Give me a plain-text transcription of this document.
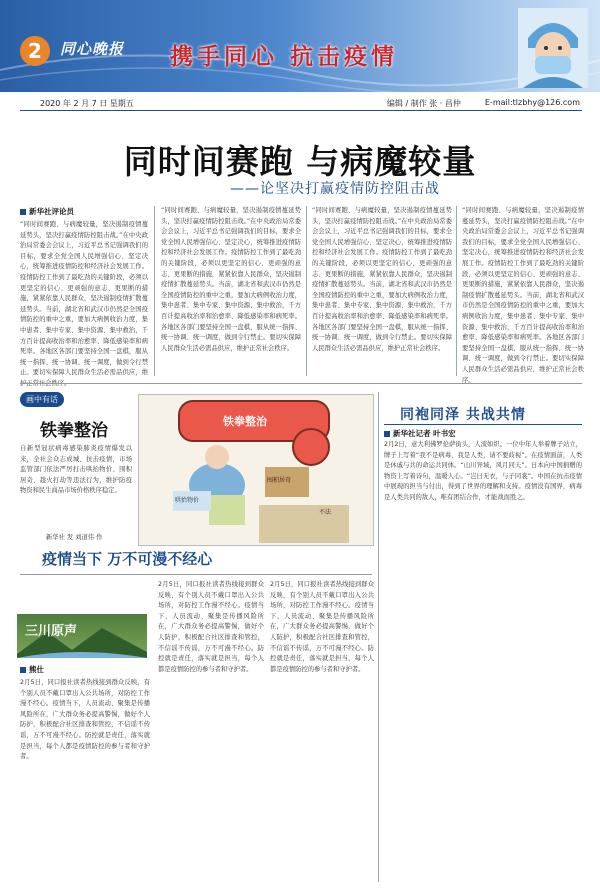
2	同心晚报 携手同心 抗击疫情
2020 年 2 月 7 日 星期五	编辑 / 制作 张 · 昌仲	E-mail:tlzbhy@126.com
同时间赛跑 与病魔较量
——论坚决打赢疫情防控阻击战
新华社评论员
“同时间赛跑、与病魔较量，坚决遏制疫情蔓延势头，坚决打赢疫情防控阻击战。”在中央政治局常委会会议上，习近平总书记强调我们的目标，要求全党全国人民增强信心、坚定决心，统筹推进疫情防控和经济社会发展工作。疫情防控工作到了最吃劲的关键阶段，必须以更坚定的信心、更顽强的意志、更果断的措施，紧紧依靠人民群众，坚决遏制疫情扩散蔓延势头。当前，湖北省和武汉市仍然是全国疫情防控的重中之重，要加大病例收治力度，集中患者、集中专家、集中资源、集中救治，千方百计提高收治率和治愈率、降低感染率和病死率。各地区各部门要坚持全国一盘棋，服从统一指挥、统一协调、统一调度，做到令行禁止。要切实保障人民群众生活必需品供应，维
“同时间赛跑、与病魔较量，坚决遏制疫情蔓延势头，坚决打赢疫情防控阻击战。”在中央政治局常委会会议上，习近平总书记强调我们的目标，要求全党全国人民增强信心、坚定决心，统筹推进疫情防控和经济社会发展工作。疫情防控工作到了最吃劲的关键阶段，必须以更坚定的信心、更顽强的意志、更果断的措施，紧紧依靠人民群众，坚决遏制疫情扩散蔓延势头。当前，湖北省和武汉市仍然是全国疫情防控的重中之重，要加大病例收治力度，集中患者、集中专家、集中资源、集中救治，千方百计提高收治率和治愈率、降低感染率和病死率。各地区各部门要坚持全国一盘棋，服从统一指挥、统一协调、统一调度，做到令行禁止。要切实保障人民群众生活必需品供应，维护正常社会秩序。
“同时间赛跑、与病魔较量，坚决遏制疫情蔓延势头，坚决打赢疫情防控阻击战。”在中央政治局常委会会议上，习近平总书记强调我们的目标，要求全党全国人民增强信心、坚定决心，统筹推进疫情防控和经济社会发展工作。疫情防控工作到了最吃劲的关键阶段，必须以更坚定的信心、更顽强的意志、更果断的措施，紧紧依靠人民群众，坚决遏制疫情扩散蔓延势头。当前，湖北省和武汉市仍然是全国疫情防控的重中之重，要加大病例收治力度，集中患者、集中专家、集中资源、集中救治，千方百计提高收治率和治愈率、降低感染率和病死率。各地区各部门要坚持全国一盘棋，服从统一指挥、统一协调、统一调度，做到令行禁止。要切实保障人民群众生活必需品供应，维护正常社会秩序。
“同时间赛跑、与病魔较量，坚决遏制疫情蔓延势头，坚决打赢疫情防控阻击战。”在中央政治局常委会会议上，习近平总书记强调我们的目标，要求全党全国人民增强信心、坚定决心，统筹推进疫情防控和经济社会发展工作。疫情防控工作到了最吃劲的关键阶段，必须以更坚定的信心、更顽强的意志、更果断的措施，紧紧依靠人民群众，坚决遏制疫情扩散蔓延势头。当前，湖北省和武汉市仍然是全国疫情防控的重中之重，要加大病例收治力度，集中患者、集中专家、集中资源、集中救治，千方百计提高收治率和治愈率、降低感染率和病死率。各地区各部门要坚持全国一盘棋，服从统一指挥、统一协调、统一调度，做到令行禁止。要切实保障人民群众生活必需品供应，维护正常社会秩序。
画中有话
铁拳整治
自新型冠状病毒感染肺炎疫情爆发以来，全社会众志成城、抗击疫情，市场监管部门依法严厉打击哄抬物价、囤积居奇、趁火打劫等违法行为，维护防疫物资和民生商品市场价格秩序稳定。
新华社 发 刘道伟 作
铁拳整治
哄抬物价
囤积居奇
不法
同袍同泽 共战共情
新华社记者 叶书宏
2月2日，意大利佛罗伦萨街头，人流如织。一位中年人举着牌子站立，牌子上写着“我不是病毒，我是人类，请不要歧视”。在疫情面前，人类是休戚与共的命运共同体。“山川异域，风月同天”。日本向中国捐赠的物资上写着诗句，温暖人心。“岂曰无衣，与子同裳”。中国在抗击疫情中展现的担当与付出，得到了世界的理解和支持。疫情没有国界，病毒是人类共同的敌人，唯有团结合作，才能战而胜之。
疫情当下 万不可漫不经心
三川原声
熊仕
2月5日，同口报社读者热线接到群众反映，有个别人员不戴口罩出入公共场所，对防控工作漫不经心。疫情当下，人员流动、聚集是传播风险所在，广大群众务必提高警惕，做好个人防护，积极配合社区排查和管控，不信谣不传谣，万不可漫不经心。防控就是责任，落实就是担当，每个人都是疫情防控的参与者和守护者。
2月5日，同口报社读者热线接到群众反映，有个别人员不戴口罩出入公共场所，对防控工作漫不经心。疫情当下，人员流动、聚集是传播风险所在，广大群众务必提高警惕，做好个人防护，积极配合社区排查和管控，不信谣不传谣，万不可漫不经心。防控就是责任，落实就是担当，每个人都是疫情防控的参与者和守护者。
2月5日，同口报社读者热线接到群众反映，有个别人员不戴口罩出入公共场所，对防控工作漫不经心。疫情当下，人员流动、聚集是传播风险所在，广大群众务必提高警惕，做好个人防护，积极配合社区排查和管控，不信谣不传谣，万不可漫不经心。防控就是责任，落实就是担当，每个人都是疫情防控的参与者和守护者。
